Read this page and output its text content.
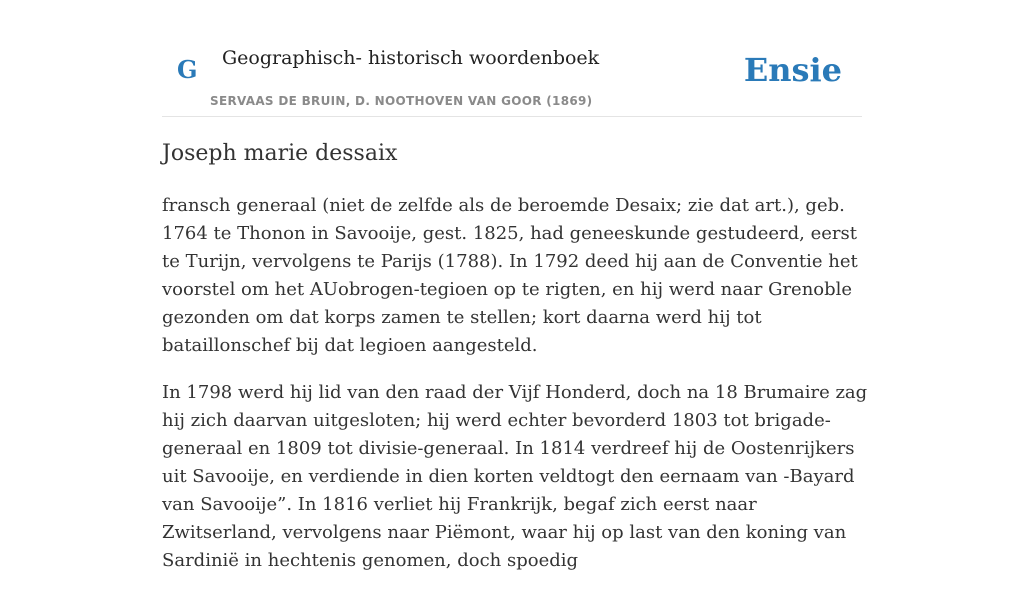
G Geographisch- historisch woordenboek
SERVAAS DE BRUIN, D. NOOTHOVEN VAN GOOR (1869)
Ensie
Joseph marie dessaix

fransch generaal (niet de zelfde als de beroemde Desaix; zie dat art.), geb. 1764 te Thonon in Savooije, gest. 1825, had geneeskunde gestudeerd, eerst te Turijn, vervolgens te Parijs (1788). In 1792 deed hij aan de Conventie het voorstel om het AUobrogen-tegioen op te rigten, en hij werd naar Grenoble gezonden om dat korps zamen te stellen; kort daarna werd hij tot bataillonschef bij dat legioen aangesteld.

In 1798 werd hij lid van den raad der Vijf Honderd, doch na 18 Brumaire zag hij zich daarvan uitgesloten; hij werd echter bevorderd 1803 tot brigade-generaal en 1809 tot divisie-generaal. In 1814 verdreef hij de Oostenrijkers uit Savooije, en verdiende in dien korten veldtogt den eernaam van -Bayard van Savooije”. In 1816 verliet hij Frankrijk, begaf zich eerst naar Zwitserland, vervolgens naar Piëmont, waar hij op last van den koning van Sardinië in hechtenis genomen, doch spoedig
